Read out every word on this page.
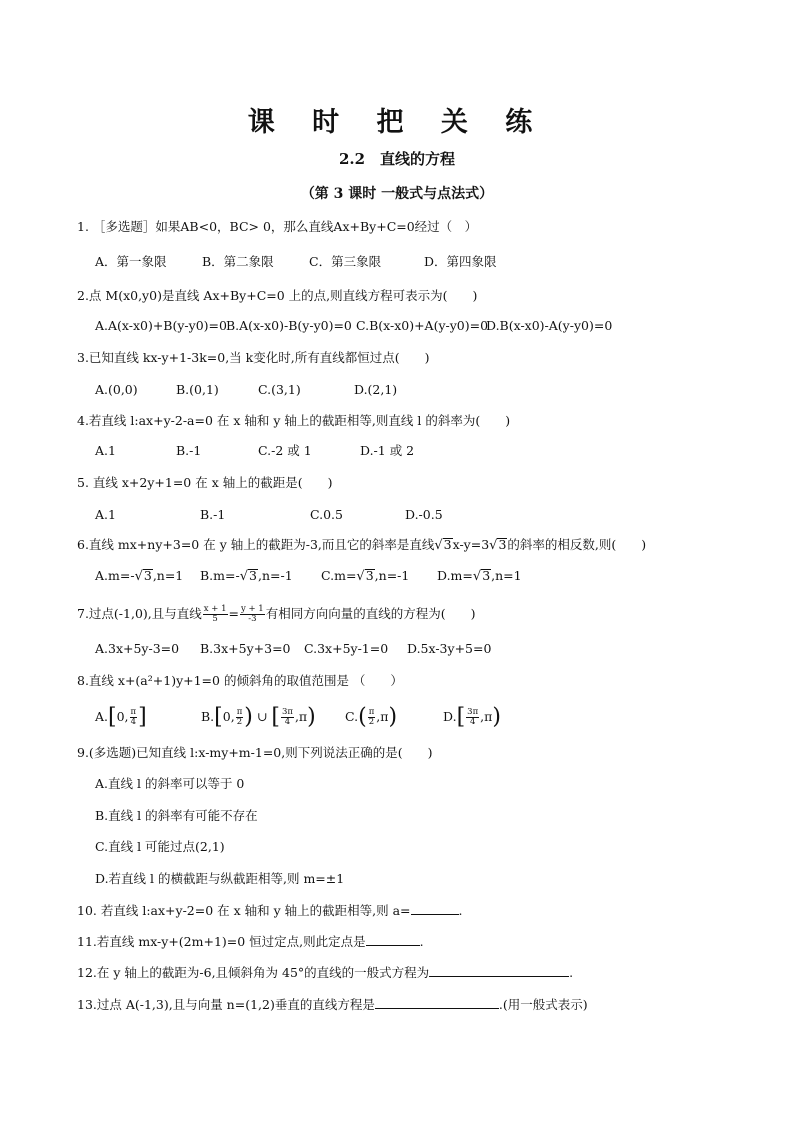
课 时 把 关 练
2.2　直线的方程
（第 3 课时 一般式与点法式）
1. ［多选题］如果AB<0，BC> 0，那么直线Ax+By+C=0经过（　）
A．第一象限	B．第二象限	C．第三象限	D．第四象限
2.点 M(x0,y0)是直线 Ax+By+C=0 上的点,则直线方程可表示为(　　)
A.A(x-x0)+B(y-y0)=0 B.A(x-x0)-B(y-y0)=0 C.B(x-x0)+A(y-y0)=0
D.B(x-x0)-A(y-y0)=0
3.已知直线 kx-y+1-3k=0,当 k变化时,所有直线都恒过点(　　)
A.(0,0)	B.(0,1)	C.(3,1)	D.(2,1)
4.若直线 l:ax+y-2-a=0 在 x 轴和 y 轴上的截距相等,则直线 l 的斜率为(　　)
A.1	B.-1	C.-2 或 1	D.-1 或 2
5. 直线 x+2y+1=0 在 x 轴上的截距是(　　)
A.1	B.-1	C.0.5	D.-0.5
6.直线 mx+ny+3=0 在 y 轴上的截距为-3,而且它的斜率是直线√3x-y=3√3的斜率的相反数,则(　　)
A.m=-√3,n=1 B.m=-√3,n=-1 C.m=√3,n=-1 D.m=√3,n=1
7.过点(-1,0),且与直线 $\frac{x + 1}{5} = \frac{y + 1}{-3}$ 有相同方向向量的直线的方程为(　　)
A.3x+5y-3=0 B.3x+5y+3=0 C.3x+5y-1=0 D.5x-3y+5=0
8.直线 x+(a²+1)y+1=0 的倾斜角的取值范围是 （　　）
A.[0, $\frac{\pi}{4}$ ]	B.[0, $\frac{\pi}{2}$ ) ∪ [ $\frac{3\pi}{4} ,\pi$) $C.( \frac{\pi}{2} ,\pi)$	$D.[ \frac{3\pi}{4} ,\pi)$
9.(多选题)已知直线 l:x-my+m-1=0,则下列说法正确的是(　　)
A.直线 l 的斜率可以等于 0
B.直线 l 的斜率有可能不存在
C.直线 l 可能过点(2,1)
D.若直线 l 的横截距与纵截距相等,则 m=±1
10. 若直线 l:ax+y-2=0 在 x 轴和 y 轴上的截距相等,则 a=	.
11.若直线 mx-y+(2m+1)=0 恒过定点,则此定点是	.
12.在 y 轴上的截距为-6,且倾斜角为 45°的直线的一般式方程为	.
13.过点 A(-1,3),且与向量 n=(1,2)垂直的直线方程是	.(用一般式表示)
